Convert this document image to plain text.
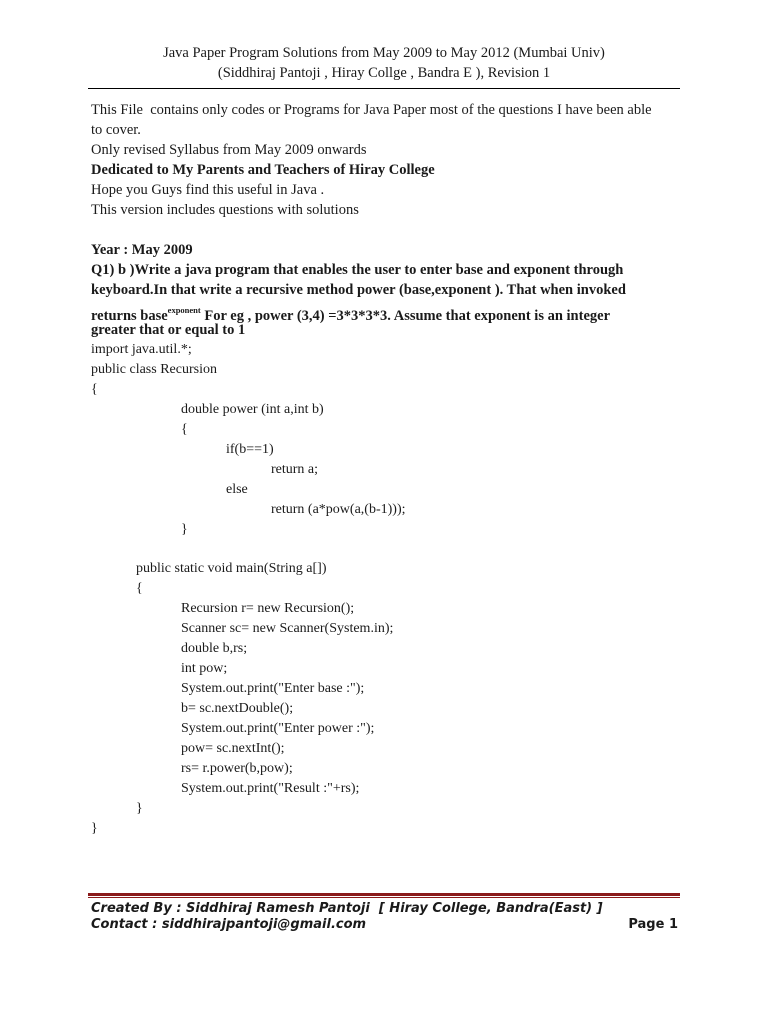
Java Paper Program Solutions from May 2009 to May 2012 (Mumbai Univ)
(Siddhiraj Pantoji , Hiray Collge , Bandra E ), Revision 1
This File  contains only codes or Programs for Java Paper most of the questions I have been able
to cover.
Only revised Syllabus from May 2009 onwards
Dedicated to My Parents and Teachers of Hiray College
Hope you Guys find this useful in Java .
This version includes questions with solutions
Year : May 2009
Q1) b )Write a java program that enables the user to enter base and exponent through
keyboard.In that write a recursive method power (base,exponent ). That when invoked
returns base$^{exponent}$ For eg , power (3,4) =3*3*3*3. Assume that exponent is an integer
greater that or equal to 1
import java.util.*;
public class Recursion
{
double power (int a,int b)
{
if(b==1)
return a;
else
return (a*pow(a,(b-1)));
}
public static void main(String a[])
{
Recursion r= new Recursion();
Scanner sc= new Scanner(System.in);
double b,rs;
int pow;
System.out.print("Enter base :");
b= sc.nextDouble();
System.out.print("Enter power :");
pow= sc.nextInt();
rs= r.power(b,pow);
System.out.print("Result :"+rs);
}
}
Created By : Siddhiraj Ramesh Pantoji  [ Hiray College, Bandra(East) ]
Contact : siddhirajpantoji@gmail.com	Page 1
